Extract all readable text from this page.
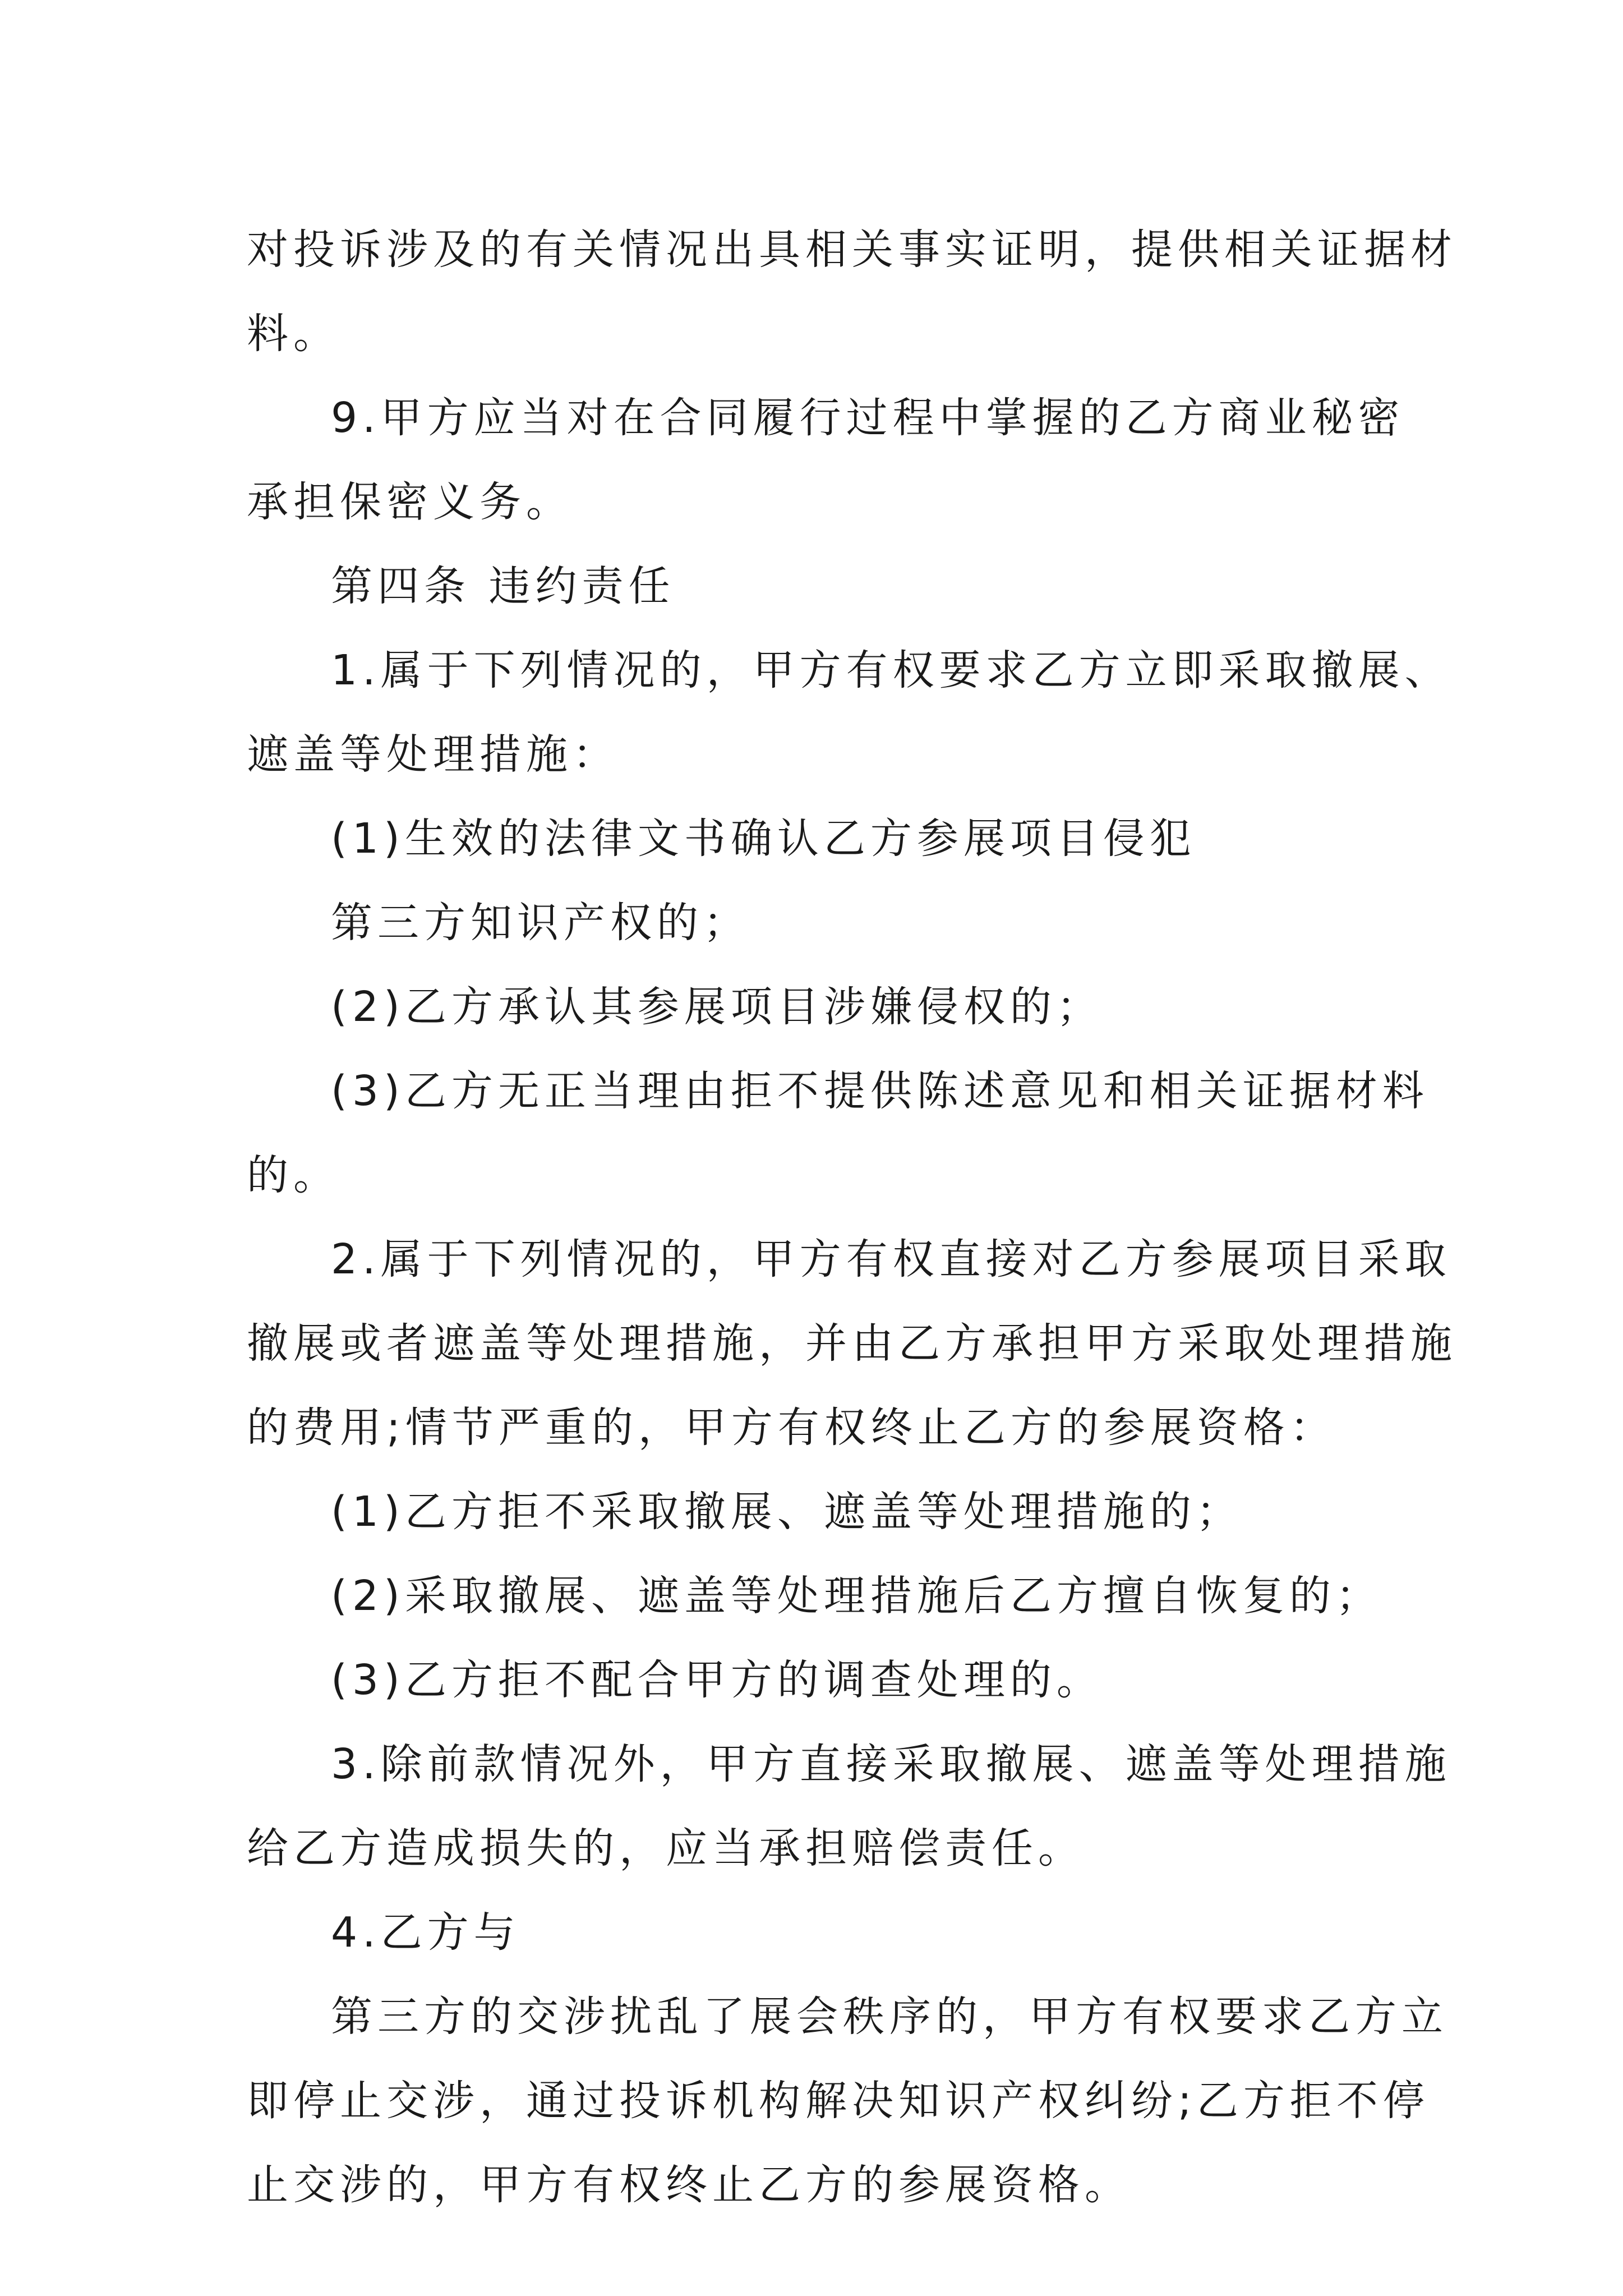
对投诉涉及的有关情况出具相关事实证明，提供相关证据材
料。
9.甲方应当对在合同履行过程中掌握的乙方商业秘密
承担保密义务。
第四条 违约责任
1.属于下列情况的，甲方有权要求乙方立即采取撤展、
遮盖等处理措施：
(1)生效的法律文书确认乙方参展项目侵犯
第三方知识产权的；
(2)乙方承认其参展项目涉嫌侵权的；
(3)乙方无正当理由拒不提供陈述意见和相关证据材料
的。
2.属于下列情况的，甲方有权直接对乙方参展项目采取
撤展或者遮盖等处理措施，并由乙方承担甲方采取处理措施
的费用;情节严重的，甲方有权终止乙方的参展资格：
(1)乙方拒不采取撤展、遮盖等处理措施的；
(2)采取撤展、遮盖等处理措施后乙方擅自恢复的；
(3)乙方拒不配合甲方的调查处理的。
3.除前款情况外，甲方直接采取撤展、遮盖等处理措施
给乙方造成损失的，应当承担赔偿责任。
4.乙方与
第三方的交涉扰乱了展会秩序的，甲方有权要求乙方立
即停止交涉，通过投诉机构解决知识产权纠纷;乙方拒不停
止交涉的，甲方有权终止乙方的参展资格。
